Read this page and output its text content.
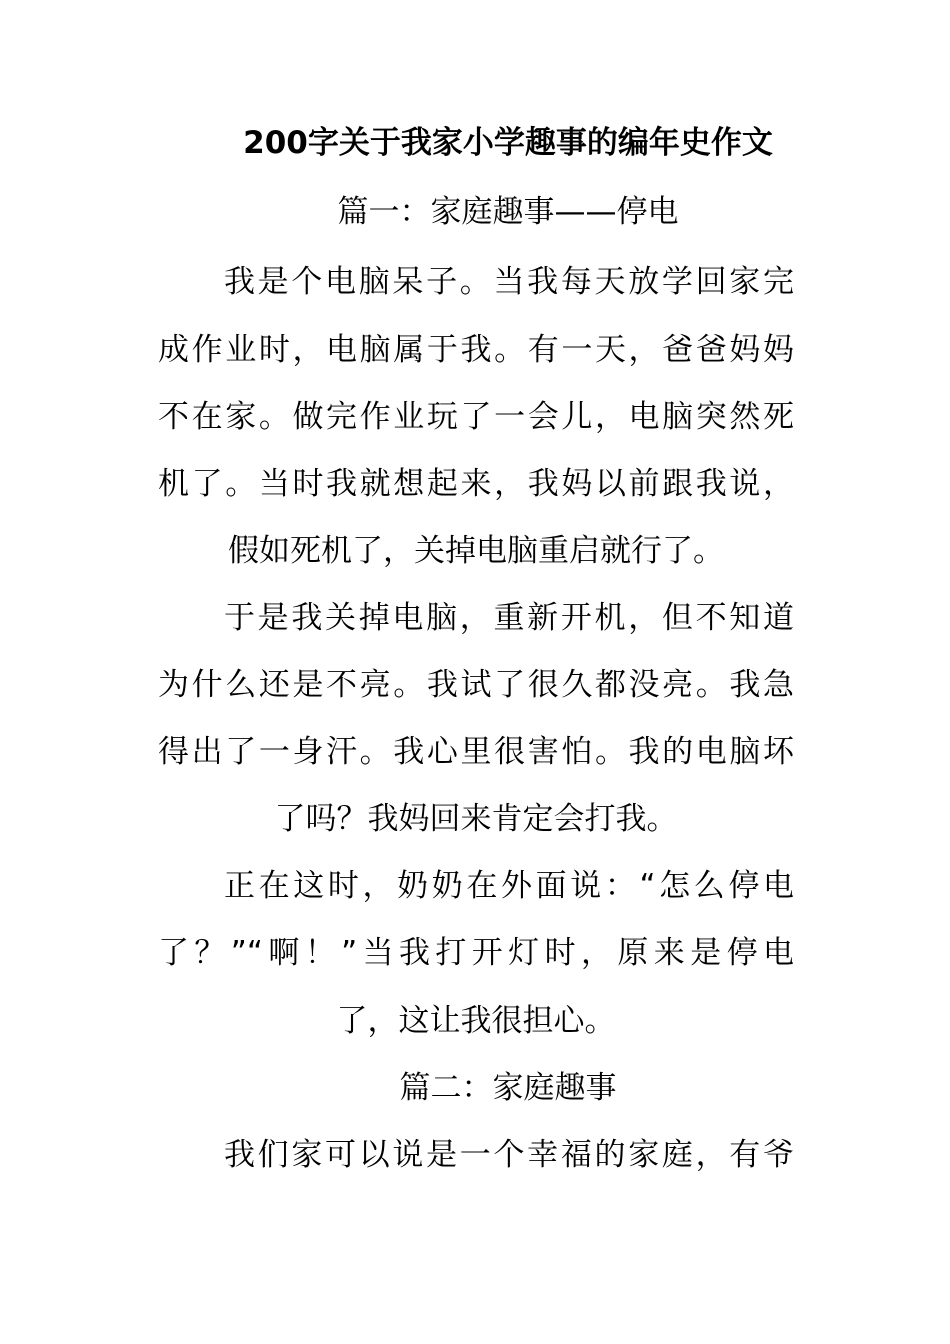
200字关于我家小学趣事的编年史作文
篇一：家庭趣事——停电
我是个电脑呆子。当我每天放学回家完
成作业时，电脑属于我。有一天，爸爸妈妈
不在家。做完作业玩了一会儿，电脑突然死
机了。当时我就想起来，我妈以前跟我说，
假如死机了，关掉电脑重启就行了。
于是我关掉电脑，重新开机，但不知道
为什么还是不亮。我试了很久都没亮。我急
得出了一身汗。我心里很害怕。我的电脑坏
了吗？我妈回来肯定会打我。
正在这时，奶奶在外面说：“怎么停电
了？”“啊！”当我打开灯时，原来是停电
了，这让我很担心。
篇二：家庭趣事
我们家可以说是一个幸福的家庭，有爷
